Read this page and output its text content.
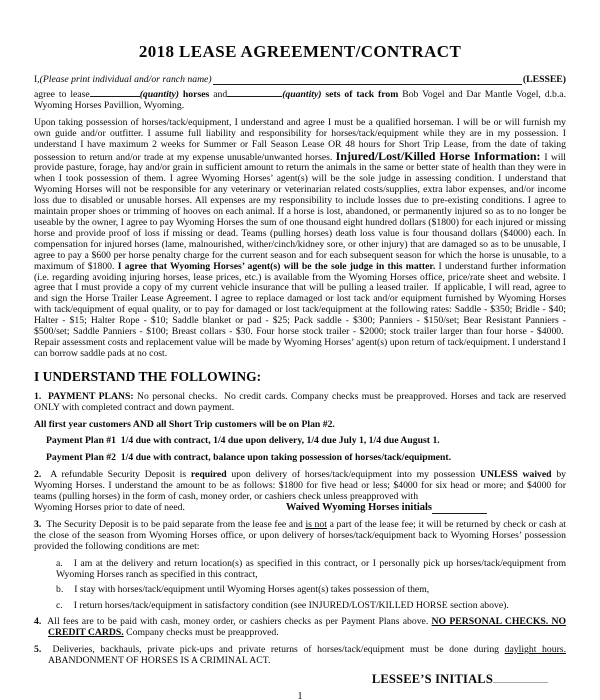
2018 LEASE AGREEMENT/CONTRACT
I, (Please print individual and/or ranch name)	(LESSEE)

agree to lease	(quantity) horses and	(quantity) sets of tack from Bob Vogel and Dar Mantle Vogel, d.b.a. Wyoming Horses Pavillion, Wyoming.

Upon taking possession of horses/tack/equipment, I understand and agree I must be a qualified horseman. I will be or will furnish my own guide and/or outfitter. I assume full liability and responsibility for horses/tack/equipment while they are in my possession. I understand I have maximum 2 weeks for Summer or Fall Season Lease OR 48 hours for Short Trip Lease, from the date of taking possession to return and/or trade at my expense unusable/unwanted horses. Injured/Lost/Killed Horse Information: I will provide pasture, forage, hay and/or grain in sufficient amount to return the animals in the same or better state of health than they were in when I took possession of them. I agree Wyoming Horses’ agent(s) will be the sole judge in assessing condition. I understand that Wyoming Horses will not be responsible for any veterinary or veterinarian related costs/supplies, extra labor expenses, and/or income loss due to disabled or unusable horses. All expenses are my responsibility to include losses due to pre-existing conditions. I agree to maintain proper shoes or trimming of hooves on each animal. If a horse is lost, abandoned, or permanently injured so as to no longer be useable by the owner, I agree to pay Wyoming Horses the sum of one thousand eight hundred dollars ($1800) for each injured or missing horse and provide proof of loss if missing or dead. Teams (pulling horses) death loss value is four thousand dollars ($4000) each. In compensation for injured horses (lame, malnourished, wither/cinch/kidney sore, or other injury) that are damaged so as to be unusable, I agree to pay a $600 per horse penalty charge for the current season and for each subsequent season for which the horse is unusable, to a maximum of $1800. I agree that Wyoming Horses’ agent(s) will be the sole judge in this matter. I understand further information (i.e. regarding avoiding injuring horses, lease prices, etc.) is available from the Wyoming Horses office, price/rate sheet and website. I agree that I must provide a copy of my current vehicle insurance that will be pulling a leased trailer.  If applicable, I will read, agree to and sign the Horse Trailer Lease Agreement. I agree to replace damaged or lost tack and/or equipment furnished by Wyoming Horses with tack/equipment of equal quality, or to pay for damaged or lost tack/equipment at the following rates: Saddle - $350; Bridle - $40; Halter - $15; Halter Rope - $10; Saddle blanket or pad - $25; Pack saddle - $300; Panniers - $150/set; Bear Resistant Panniers - $500/set; Saddle Panniers - $100; Breast collars - $30. Four horse stock trailer - $2000; stock trailer larger than four horse - $4000.  Repair assessment costs and replacement value will be made by Wyoming Horses’ agent(s) upon return of tack/equipment. I understand I can borrow saddle pads at no cost.

I UNDERSTAND THE FOLLOWING:

1.  PAYMENT PLANS: No personal checks.  No credit cards. Company checks must be preapproved. Horses and tack are reserved ONLY with completed contract and down payment.

All first year customers AND all Short Trip customers will be on Plan #2.

Payment Plan #1  1/4 due with contract, 1/4 due upon delivery, 1/4 due July 1, 1/4 due August 1.

Payment Plan #2  1/4 due with contract, balance upon taking possession of horses/tack/equipment.

2.  A refundable Security Deposit is required upon delivery of horses/tack/equipment into my possession UNLESS waived by Wyoming Horses. I understand the amount to be as follows: $1800 for five head or less; $4000 for six head or more; and $4000 for teams (pulling horses) in the form of cash, money order, or cashiers check unless preapproved with

Wyoming Horses prior to date of need.	Waived Wyoming Horses initials

3.  The Security Deposit is to be paid separate from the lease fee and is not a part of the lease fee; it will be returned by check or cash at the close of the season from Wyoming Horses office, or upon delivery of horses/tack/equipment back to Wyoming Horses’ possession provided the following conditions are met:

a. I am at the delivery and return location(s) as specified in this contract, or I personally pick up horses/tack/equipment from Wyoming Horses ranch as specified in this contract,

b. I stay with horses/tack/equipment until Wyoming Horses agent(s) takes possession of them,

c. I return horses/tack/equipment in satisfactory condition (see INJURED/LOST/KILLED HORSE section above).

4.  All fees are to be paid with cash, money order, or cashiers checks as per Payment Plans above. NO PERSONAL CHECKS. NO CREDIT CARDS. Company checks must be preapproved.

5.  Deliveries, backhauls, private pick-ups and private returns of horses/tack/equipment must be done during daylight hours. ABANDONMENT OF HORSES IS A CRIMINAL ACT.

LESSEE’S INITIALS
1
